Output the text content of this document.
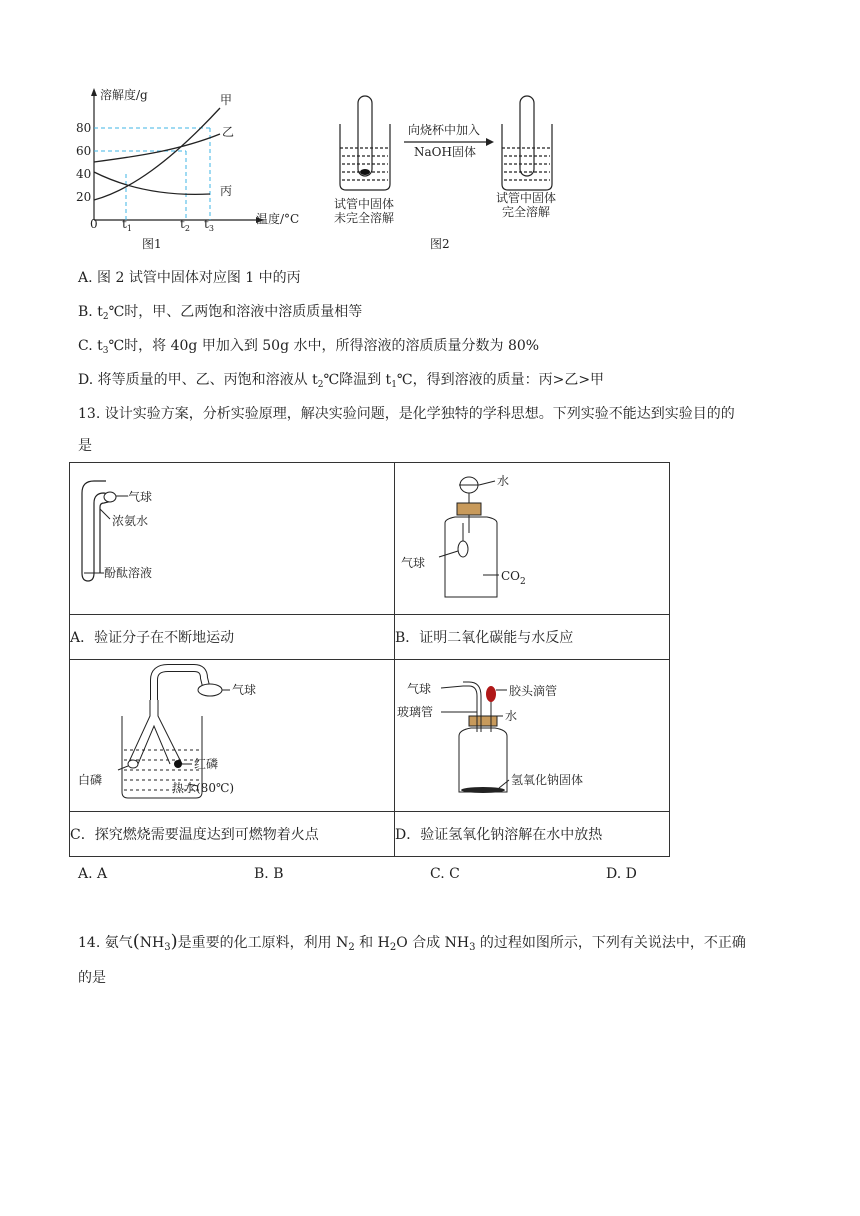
溶解度/g
温度/°C
0
80
60
40
20
$t_1$	$t_2$ $t_3$
甲
乙
丙
图1
试管中固体
未完全溶解
向烧杯中加入
NaOH固体
试管中固体
完全溶解
图2
A. 图 2 试管中固体对应图 1 中的丙
B. $t_2℃$时，甲、乙两饱和溶液中溶质质量相等
C. $t_3℃$时，将 40g 甲加入到 50g 水中，所得溶液的溶质质量分数为 80%
D. 将等质量的甲、乙、丙饱和溶液从 $t_2℃$降温到 $t_1℃$，得到溶液的质量：丙>乙>甲
13. 设计实验方案，分析实验原理，解决实验问题，是化学独特的学科思想。下列实验不能达到实验目的的
是
气球
浓氨水
酚酞溶液	水
气球
$CO_2$

A．验证分子在不断地运动	B．证明二氧化碳能与水反应

气球
红磷
白磷
热水(80℃)	气球
玻璃管
胶头滴管
水
氢氧化钠固体

C．探究燃烧需要温度达到可燃物着火点	D．验证氢氧化钠溶解在水中放热
A. A	B. B	C. C	D. D
14. 氨气$(NH_3)$是重要的化工原料，利用 $N_2$ 和 $H_2O$ 合成 $NH_3$ 的过程如图所示，下列有关说法中，不正确
的是
